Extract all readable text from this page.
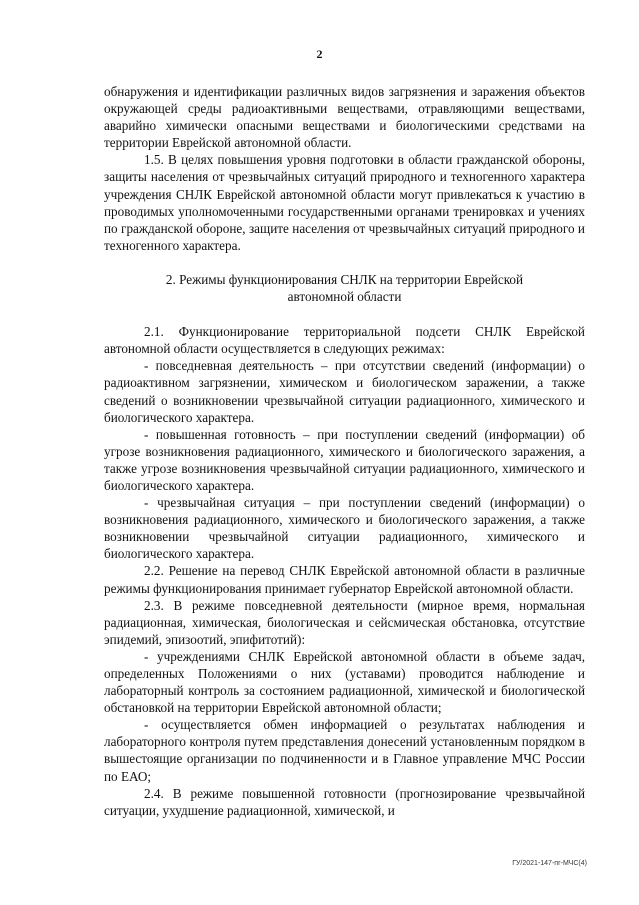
2

обнаружения и идентификации различных видов загрязнения и заражения объектов окружающей среды радиоактивными веществами, отравляющими веществами, аварийно химически опасными веществами и биологическими средствами на территории Еврейской автономной области.

1.5. В целях повышения уровня подготовки в области гражданской обороны, защиты населения от чрезвычайных ситуаций природного и техногенного характера учреждения СНЛК Еврейской автономной области могут привлекаться к участию в проводимых уполномоченными государственными органами тренировках и учениях по гражданской обороне, защите населения от чрезвычайных ситуаций природного и техногенного характера.

2. Режимы функционирования СНЛК на территории Еврейской автономной области

2.1. Функционирование территориальной подсети СНЛК Еврейской автономной области осуществляется в следующих режимах:

- повседневная деятельность – при отсутствии сведений (информации) о радиоактивном загрязнении, химическом и биологическом заражении, а также сведений о возникновении чрезвычайной ситуации радиационного, химического и биологического характера.

- повышенная готовность – при поступлении сведений (информации) об угрозе возникновения радиационного, химического и биологического заражения, а также угрозе возникновения чрезвычайной ситуации радиационного, химического и биологического характера.

- чрезвычайная ситуация – при поступлении сведений (информации) о возникновения радиационного, химического и биологического заражения, а также возникновении чрезвычайной ситуации радиационного, химического и биологического характера.

2.2. Решение на перевод СНЛК Еврейской автономной области в различные режимы функционирования принимает губернатор Еврейской автономной области.

2.3. В режиме повседневной деятельности (мирное время, нормальная радиационная, химическая, биологическая и сейсмическая обстановка, отсутствие эпидемий, эпизоотий, эпифитотий):

- учреждениями СНЛК Еврейской автономной области в объеме задач, определенных Положениями о них (уставами) проводится наблюдение и лабораторный контроль за состоянием радиационной, химической и биологической обстановкой на территории Еврейской автономной области;

- осуществляется обмен информацией о результатах наблюдения и лабораторного контроля путем представления донесений установленным порядком в вышестоящие организации по подчиненности и в Главное управление МЧС России по ЕАО;

2.4. В режиме повышенной готовности (прогнозирование чрезвычайной ситуации, ухудшение радиационной, химической, и

ГУ/2021-147-пг-МЧС(4)
